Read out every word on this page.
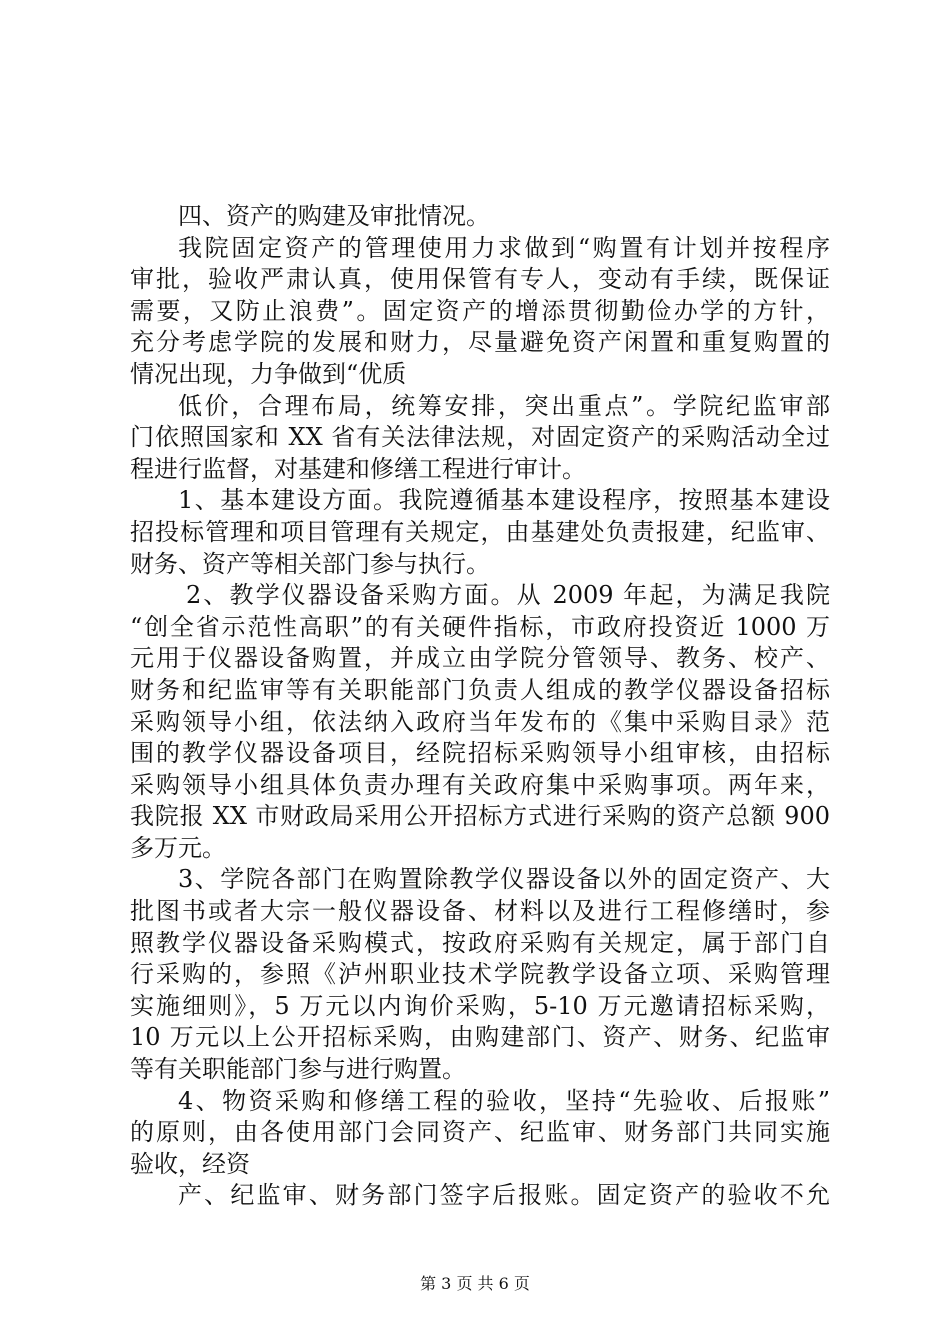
四、资产的购建及审批情况。
我院固定资产的管理使用力求做到“购置有计划并按程序
审批，验收严肃认真，使用保管有专人，变动有手续，既保证
需要，又防止浪费”。固定资产的增添贯彻勤俭办学的方针，
充分考虑学院的发展和财力，尽量避免资产闲置和重复购置的
情况出现，力争做到“优质
低价，合理布局，统筹安排，突出重点”。学院纪监审部
门依照国家和 XX 省有关法律法规，对固定资产的采购活动全过
程进行监督，对基建和修缮工程进行审计。
1、基本建设方面。我院遵循基本建设程序，按照基本建设
招投标管理和项目管理有关规定，由基建处负责报建，纪监审、
财务、资产等相关部门参与执行。
2、教学仪器设备采购方面。从 2009 年起，为满足我院
“创全省示范性高职”的有关硬件指标，市政府投资近 1000 万
元用于仪器设备购置，并成立由学院分管领导、教务、校产、
财务和纪监审等有关职能部门负责人组成的教学仪器设备招标
采购领导小组，依法纳入政府当年发布的《集中采购目录》范
围的教学仪器设备项目，经院招标采购领导小组审核，由招标
采购领导小组具体负责办理有关政府集中采购事项。两年来，
我院报 XX 市财政局采用公开招标方式进行采购的资产总额 900
多万元。
3、学院各部门在购置除教学仪器设备以外的固定资产、大
批图书或者大宗一般仪器设备、材料以及进行工程修缮时，参
照教学仪器设备采购模式，按政府采购有关规定，属于部门自
行采购的，参照《泸州职业技术学院教学设备立项、采购管理
实施细则》，5 万元以内询价采购，5-10 万元邀请招标采购，
10 万元以上公开招标采购，由购建部门、资产、财务、纪监审
等有关职能部门参与进行购置。
4、物资采购和修缮工程的验收，坚持“先验收、后报账”
的原则，由各使用部门会同资产、纪监审、财务部门共同实施
验收，经资
产、纪监审、财务部门签字后报账。固定资产的验收不允
第 3 页 共 6 页
